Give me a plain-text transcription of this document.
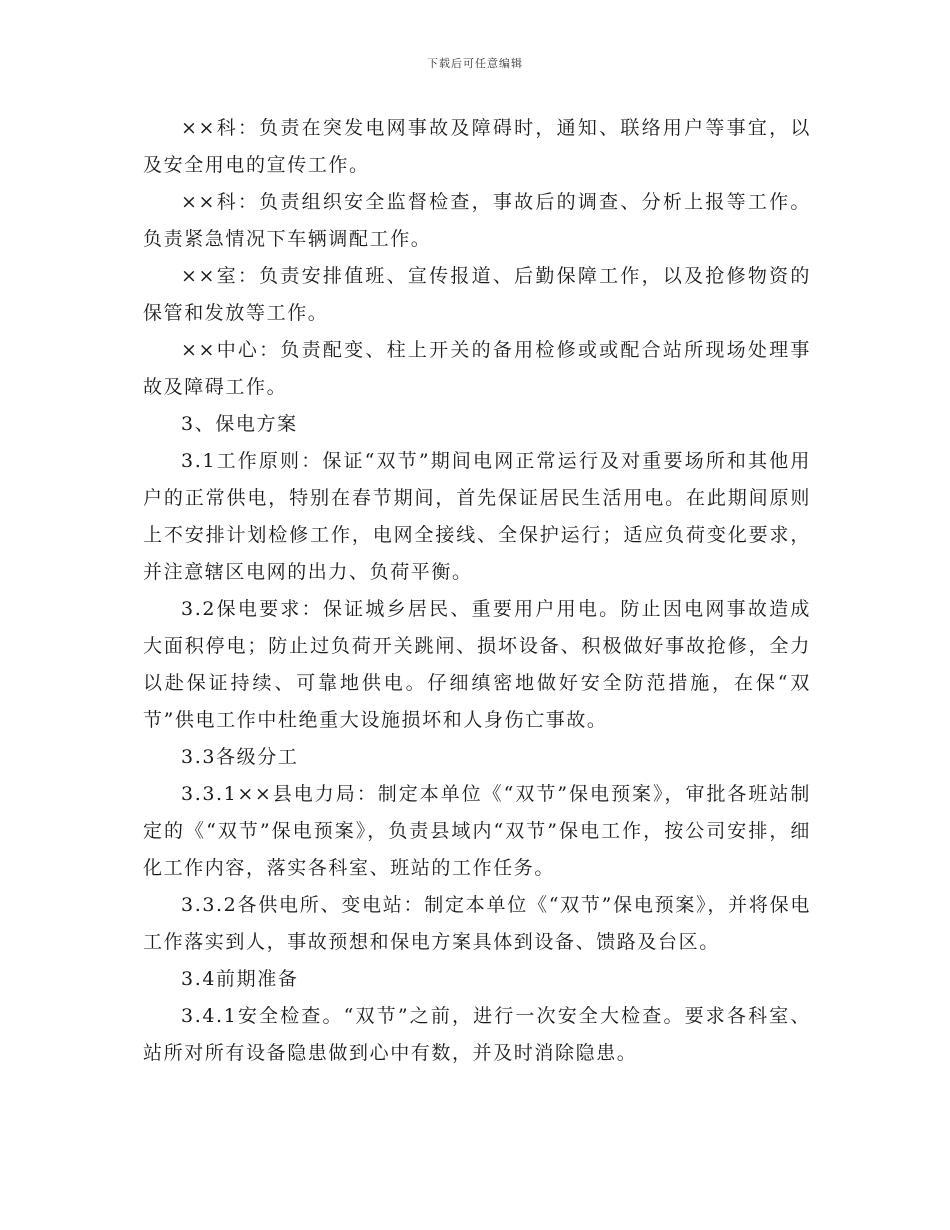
下载后可任意编辑

××科：负责在突发电网事故及障碍时，通知、联络用户等事宜，以及安全用电的宣传工作。

××科：负责组织安全监督检查，事故后的调查、分析上报等工作。负责紧急情况下车辆调配工作。

××室：负责安排值班、宣传报道、后勤保障工作，以及抢修物资的保管和发放等工作。

××中心：负责配变、柱上开关的备用检修或或配合站所现场处理事故及障碍工作。

3、保电方案

3.1工作原则：保证“双节”期间电网正常运行及对重要场所和其他用户的正常供电，特别在春节期间，首先保证居民生活用电。在此期间原则上不安排计划检修工作，电网全接线、全保护运行；适应负荷变化要求，并注意辖区电网的出力、负荷平衡。

3.2保电要求：保证城乡居民、重要用户用电。防止因电网事故造成大面积停电；防止过负荷开关跳闸、损坏设备、积极做好事故抢修，全力以赴保证持续、可靠地供电。仔细缜密地做好安全防范措施，在保“双节”供电工作中杜绝重大设施损坏和人身伤亡事故。

3.3各级分工

3.3.1××县电力局：制定本单位《“双节”保电预案》，审批各班站制定的《“双节”保电预案》，负责县域内“双节”保电工作，按公司安排，细化工作内容，落实各科室、班站的工作任务。

3.3.2各供电所、变电站：制定本单位《“双节”保电预案》，并将保电工作落实到人，事故预想和保电方案具体到设备、馈路及台区。

3.4前期准备

3.4.1安全检查。“双节”之前，进行一次安全大检查。要求各科室、站所对所有设备隐患做到心中有数，并及时消除隐患。
